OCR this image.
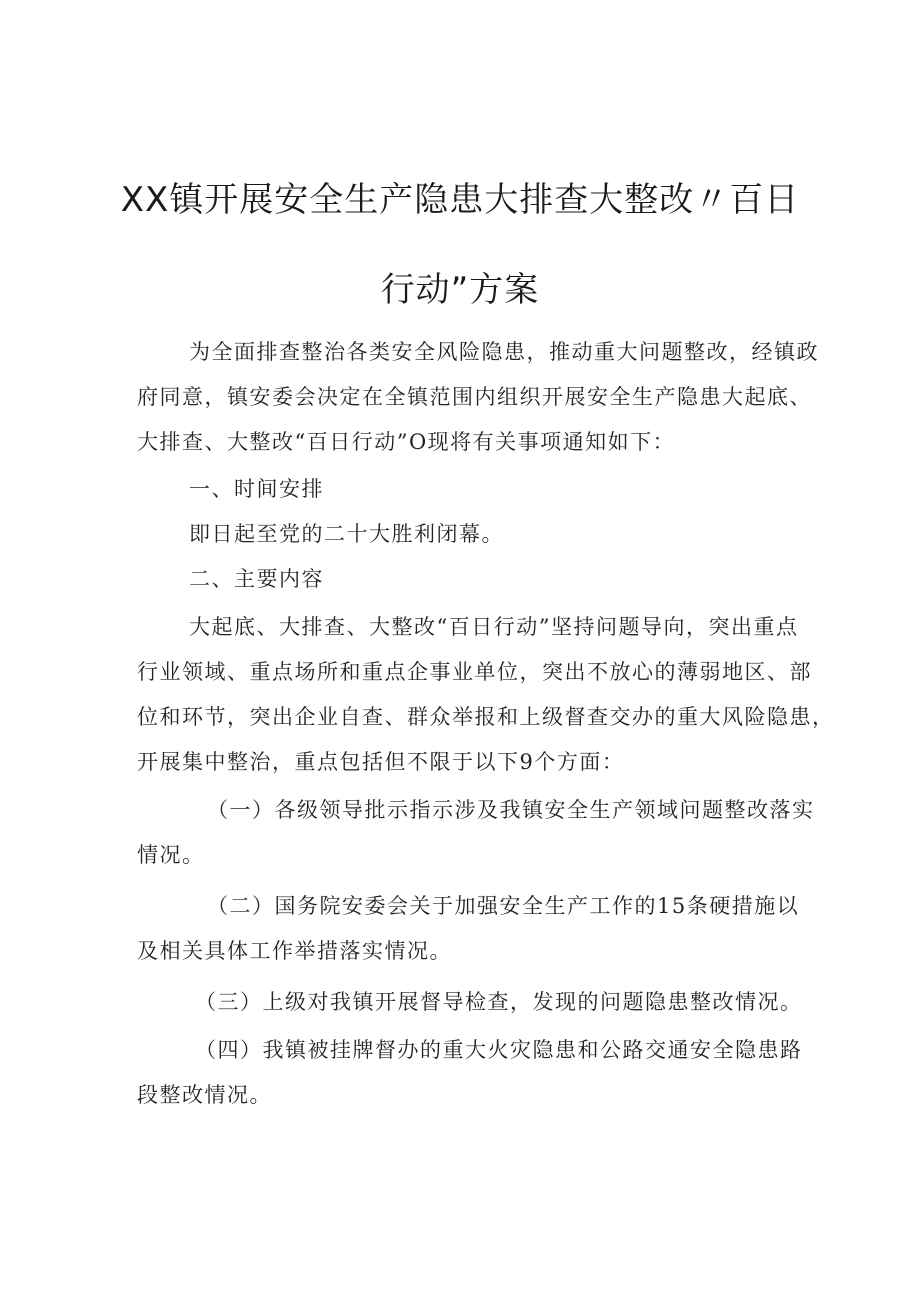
XX镇开展安全生产隐患大排查大整改〃百日
行动”方案
为全面排查整治各类安全风险隐患，推动重大问题整改，经镇政
府同意，镇安委会决定在全镇范围内组织开展安全生产隐患大起底、
大排查、大整改“百日行动”O现将有关事项通知如下：
一、时间安排
即日起至党的二十大胜利闭幕。
二、主要内容
大起底、大排查、大整改“百日行动”坚持问题导向，突出重点
行业领域、重点场所和重点企事业单位，突出不放心的薄弱地区、部
位和环节，突出企业自查、群众举报和上级督查交办的重大风险隐患，
开展集中整治，重点包括但不限于以下9个方面：
（一）各级领导批示指示涉及我镇安全生产领域问题整改落实
情况。
（二）国务院安委会关于加强安全生产工作的15条硬措施以
及相关具体工作举措落实情况。
（三）上级对我镇开展督导检查，发现的问题隐患整改情况。
（四）我镇被挂牌督办的重大火灾隐患和公路交通安全隐患路
段整改情况。
